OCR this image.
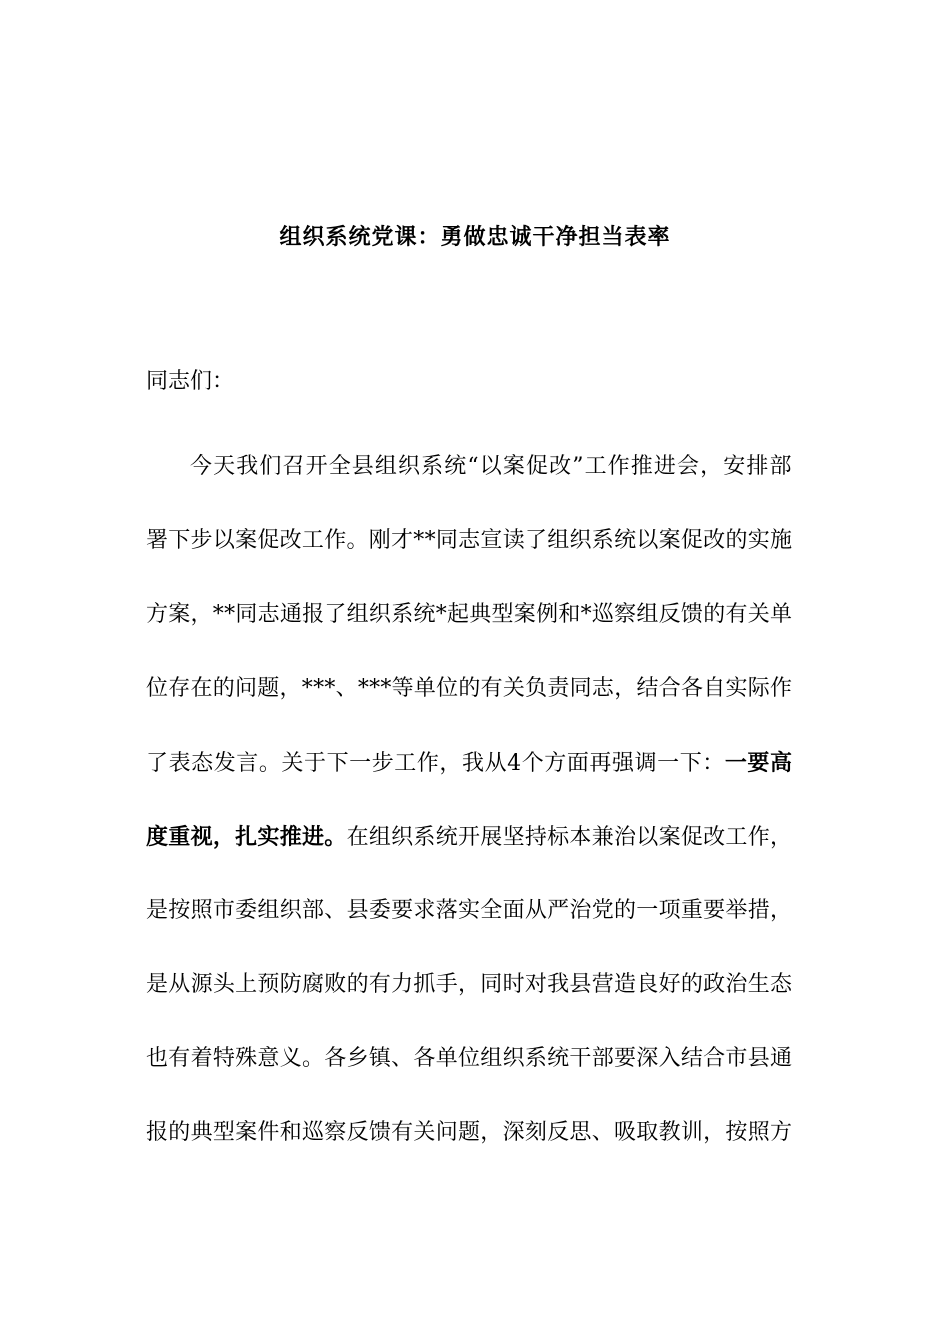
组织系统党课：勇做忠诚干净担当表率
同志们：
今天我们召开全县组织系统“以案促改”工作推进会，安排部
署下步以案促改工作。刚才**同志宣读了组织系统以案促改的实施
方案，**同志通报了组织系统*起典型案例和*巡察组反馈的有关单
位存在的问题，***、***等单位的有关负责同志，结合各自实际作
了表态发言。关于下一步工作，我从4个方面再强调一下：一要高
度重视，扎实推进。在组织系统开展坚持标本兼治以案促改工作，
是按照市委组织部、县委要求落实全面从严治党的一项重要举措，
是从源头上预防腐败的有力抓手，同时对我县营造良好的政治生态
也有着特殊意义。各乡镇、各单位组织系统干部要深入结合市县通
报的典型案件和巡察反馈有关问题，深刻反思、吸取教训，按照方
